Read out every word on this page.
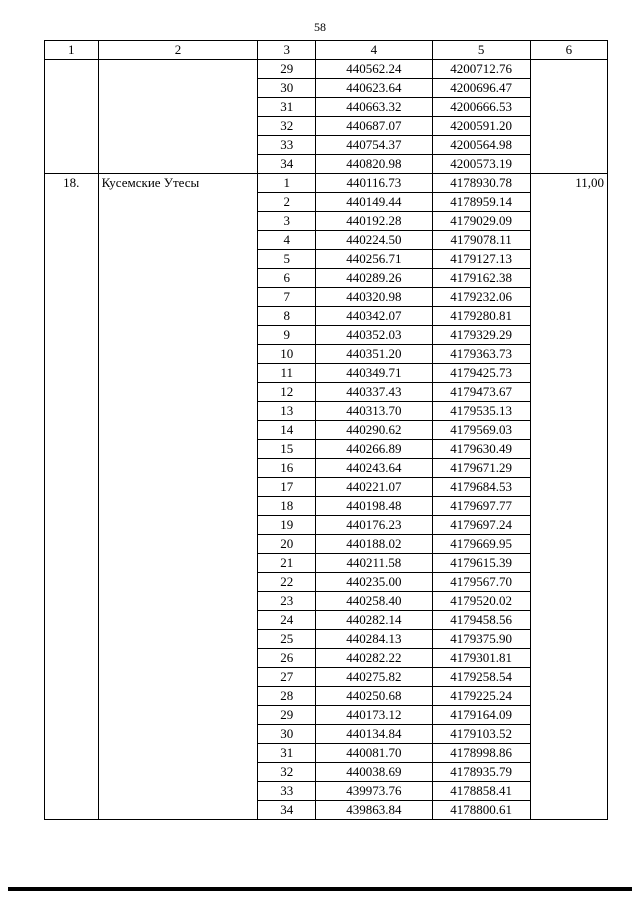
58
1	2	3	4	5	6
		29	440562.24	4200712.76	
		30	440623.64	4200696.47	
		31	440663.32	4200666.53	
		32	440687.07	4200591.20	
		33	440754.37	4200564.98	
		34	440820.98	4200573.19	
18.	Кусемские Утесы	1	440116.73	4178930.78	11,00
		2	440149.44	4178959.14	
		3	440192.28	4179029.09	
		4	440224.50	4179078.11	
		5	440256.71	4179127.13	
		6	440289.26	4179162.38	
		7	440320.98	4179232.06	
		8	440342.07	4179280.81	
		9	440352.03	4179329.29	
		10	440351.20	4179363.73	
		11	440349.71	4179425.73	
		12	440337.43	4179473.67	
		13	440313.70	4179535.13	
		14	440290.62	4179569.03	
		15	440266.89	4179630.49	
		16	440243.64	4179671.29	
		17	440221.07	4179684.53	
		18	440198.48	4179697.77	
		19	440176.23	4179697.24	
		20	440188.02	4179669.95	
		21	440211.58	4179615.39	
		22	440235.00	4179567.70	
		23	440258.40	4179520.02	
		24	440282.14	4179458.56	
		25	440284.13	4179375.90	
		26	440282.22	4179301.81	
		27	440275.82	4179258.54	
		28	440250.68	4179225.24	
		29	440173.12	4179164.09	
		30	440134.84	4179103.52	
		31	440081.70	4178998.86	
		32	440038.69	4178935.79	
		33	439973.76	4178858.41	
		34	439863.84	4178800.61	
